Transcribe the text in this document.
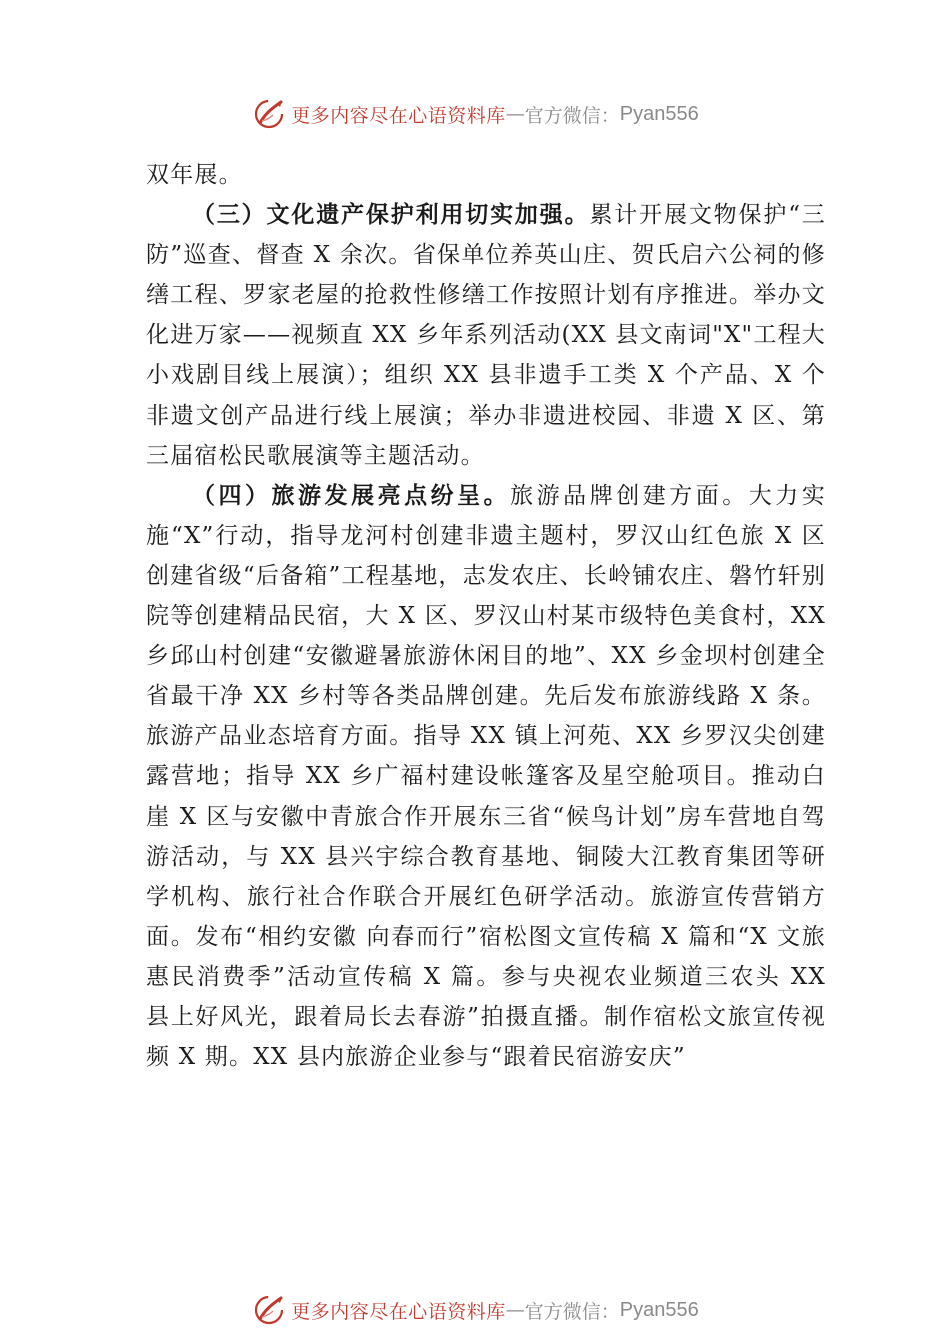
更多内容尽在心语资料库 — 官方微信： Pyan556

双年展。

（三）文化遗产保护利用切实加强。累计开展文物保护“三防”巡查、督查 X 余次。省保单位养英山庄、贺氏启六公祠的修缮工程、罗家老屋的抢救性修缮工作按照计划有序推进。举办文化进万家——视频直 XX 乡年系列活动(XX 县文南词"X"工程大小戏剧目线上展演）；组织 XX 县非遗手工类 X 个产品、X 个非遗文创产品进行线上展演；举办非遗进校园、非遗 X 区、第三届宿松民歌展演等主题活动。

（四）旅游发展亮点纷呈。旅游品牌创建方面。大力实施“X”行动，指导龙河村创建非遗主题村，罗汉山红色旅 X 区创建省级“后备箱”工程基地，志发农庄、长岭铺农庄、磐竹轩别院等创建精品民宿，大 X 区、罗汉山村某市级特色美食村，XX 乡邱山村创建“安徽避暑旅游休闲目的地”、XX 乡金坝村创建全省最干净 XX 乡村等各类品牌创建。先后发布旅游线路 X 条。旅游产品业态培育方面。指导 XX 镇上河苑、XX 乡罗汉尖创建露营地；指导 XX 乡广福村建设帐篷客及星空舱项目。推动白崖 X 区与安徽中青旅合作开展东三省“候鸟计划”房车营地自驾游活动，与 XX 县兴宇综合教育基地、铜陵大江教育集团等研学机构、旅行社合作联合开展红色研学活动。旅游宣传营销方面。发布“相约安徽 向春而行”宿松图文宣传稿 X 篇和“X 文旅惠民消费季”活动宣传稿 X 篇。参与央视农业频道三农头 XX 县上好风光，跟着局长去春游”拍摄直播。制作宿松文旅宣传视频 X 期。XX 县内旅游企业参与“跟着民宿游安庆”

更多内容尽在心语资料库 — 官方微信： Pyan556
